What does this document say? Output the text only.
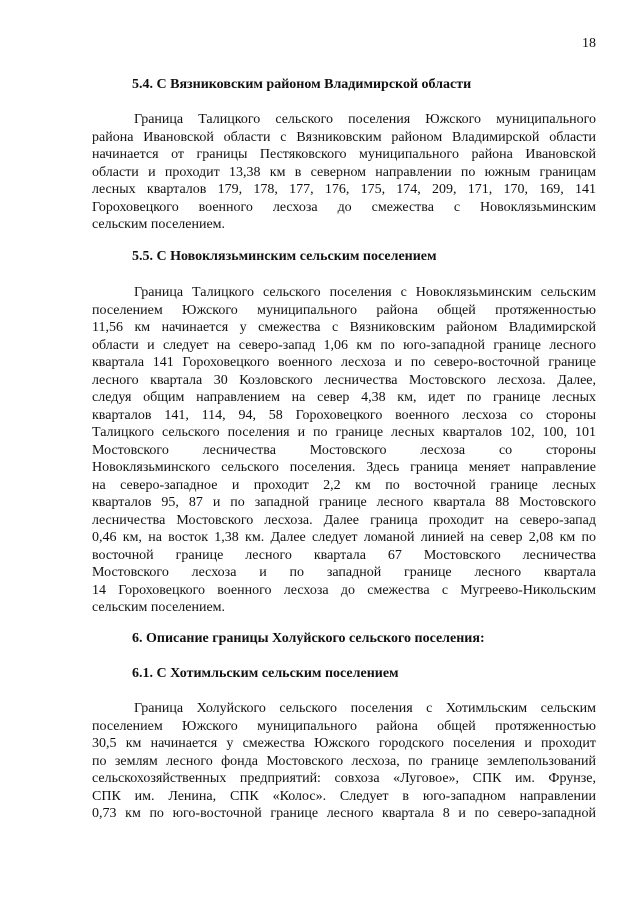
18
5.4. С Вязниковским районом Владимирской области
Граница Талицкого сельского поселения Южского муниципального
района Ивановской области с Вязниковским районом Владимирской области
начинается от границы Пестяковского муниципального района Ивановской
области и проходит 13,38 км в северном направлении по южным границам
лесных кварталов 179, 178, 177, 176, 175, 174, 209, 171, 170, 169, 141
Гороховецкого военного лесхоза до смежества с Новоклязьминским
сельским поселением.
5.5. С Новоклязьминским сельским поселением
Граница Талицкого сельского поселения с Новоклязьминским сельским
поселением Южского муниципального района общей протяженностью
11,56 км начинается у смежества с Вязниковским районом Владимирской
области и следует на северо-запад 1,06 км по юго-западной границе лесного
квартала 141 Гороховецкого военного лесхоза и по северо-восточной границе
лесного квартала 30 Козловского лесничества Мостовского лесхоза. Далее,
следуя общим направлением на север 4,38 км, идет по границе лесных
кварталов 141, 114, 94, 58 Гороховецкого военного лесхоза со стороны
Талицкого сельского поселения и по границе лесных кварталов 102, 100, 101
Мостовского лесничества Мостовского лесхоза со стороны
Новоклязьминского сельского поселения. Здесь граница меняет направление
на северо-западное и проходит 2,2 км по восточной границе лесных
кварталов 95, 87 и по западной границе лесного квартала 88 Мостовского
лесничества Мостовского лесхоза. Далее граница проходит на северо-запад
0,46 км, на восток 1,38 км. Далее следует ломаной линией на север 2,08 км по
восточной границе лесного квартала 67 Мостовского лесничества
Мостовского лесхоза и по западной границе лесного квартала
14 Гороховецкого военного лесхоза до смежества с Мугреево-Никольским
сельским поселением.
6. Описание границы Холуйского сельского поселения:
6.1. С Хотимльским сельским поселением
Граница Холуйского сельского поселения с Хотимльским сельским
поселением Южского муниципального района общей протяженностью
30,5 км начинается у смежества Южского городского поселения и проходит
по землям лесного фонда Мостовского лесхоза, по границе землепользований
сельскохозяйственных предприятий: совхоза «Луговое», СПК им. Фрунзе,
СПК им. Ленина, СПК «Колос». Следует в юго-западном направлении
0,73 км по юго-восточной границе лесного квартала 8 и по северо-западной
